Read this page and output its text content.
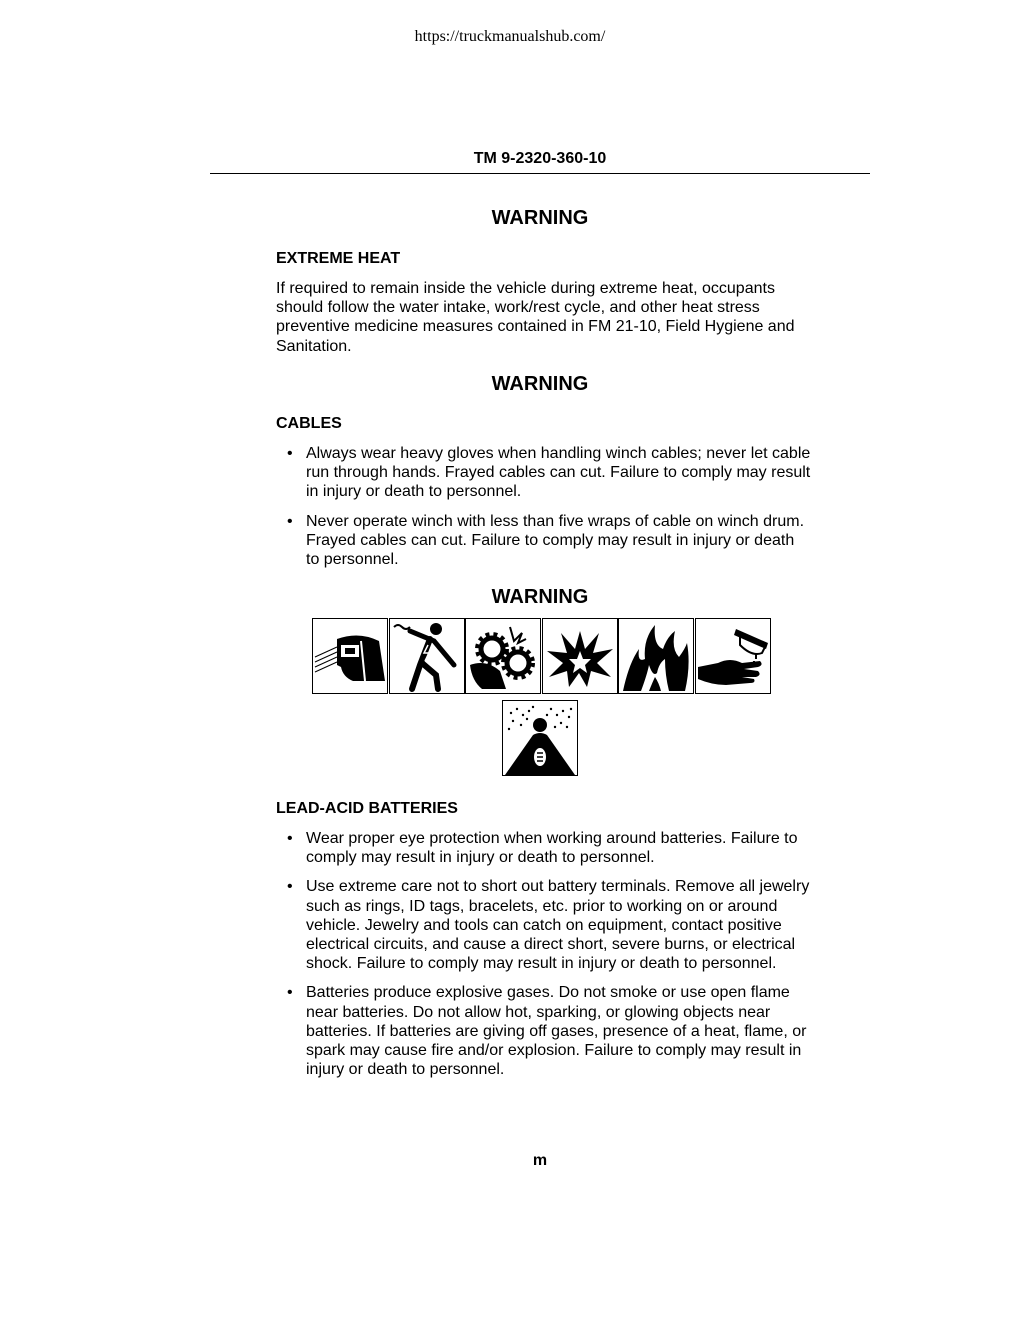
https://truckmanualshub.com/
TM 9-2320-360-10
WARNING
EXTREME HEAT
If required to remain inside the vehicle during extreme heat, occupants should follow the water intake, work/rest cycle, and other heat stress preventive medicine measures contained in FM 21-10, Field Hygiene and Sanitation.
WARNING
CABLES
• Always wear heavy gloves when handling winch cables; never let cable run through hands. Frayed cables can cut. Failure to comply may result in injury or death to personnel.
• Never operate winch with less than five wraps of cable on winch drum. Frayed cables can cut. Failure to comply may result in injury or death to personnel.
WARNING
LEAD-ACID BATTERIES
• Wear proper eye protection when working around batteries. Failure to comply may result in injury or death to personnel.
• Use extreme care not to short out battery terminals. Remove all jewelry such as rings, ID tags, bracelets, etc. prior to working on or around vehicle. Jewelry and tools can catch on equipment, contact positive electrical circuits, and cause a direct short, severe burns, or electrical shock. Failure to comply may result in injury or death to personnel.
• Batteries produce explosive gases. Do not smoke or use open flame near batteries. Do not allow hot, sparking, or glowing objects near batteries. If batteries are giving off gases, presence of a heat, flame, or spark may cause fire and/or explosion. Failure to comply may result in injury or death to personnel.
m
